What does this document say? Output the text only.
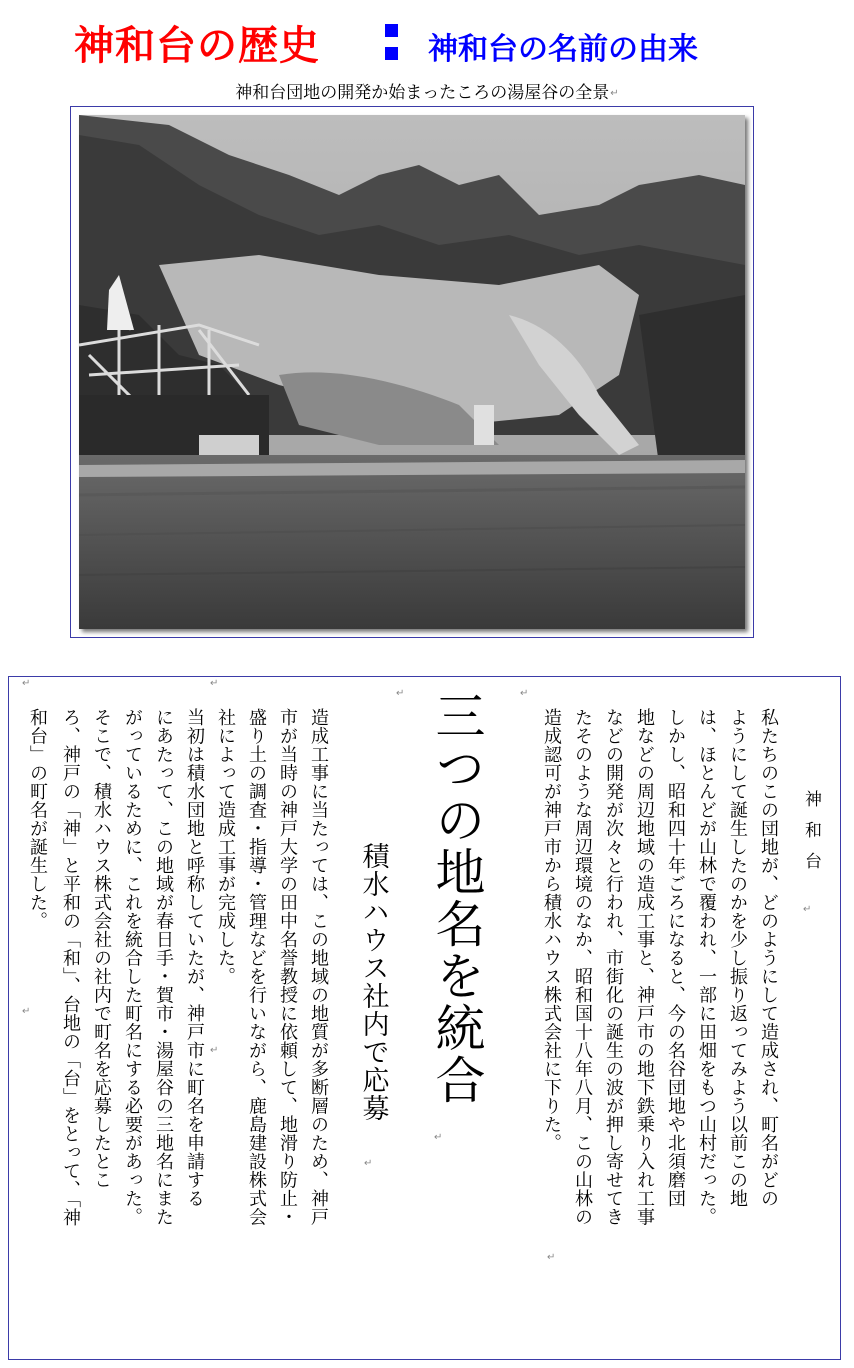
神和台の歴史	神和台の名前の由来
神和台団地の開発か始まったころの湯屋谷の全景↵
神和台
私たちのこの団地が、どのようにして造成され、町名がどの
ようにして誕生したのかを少し振り返ってみよう以前この地
は、ほとんどが山林で覆われ、一部に田畑をもつ山村だった。
しかし、昭和四十年ごろになると、今の名谷団地や北須磨団
地などの周辺地域の造成工事と、神戸市の地下鉄乗り入れ工事
などの開発が次々と行われ、市街化の誕生の波が押し寄せてき
たそのような周辺環境のなか、昭和国十八年八月、この山林の
造成認可が神戸市から積水ハウス株式会社に下りた。
三つの地名を統合
積水ハウス社内で応募
造成工事に当たっては、この地域の地質が多断層のため、神戸
市が当時の神戸大学の田中名誉教授に依頼して、地滑り防止・
盛り土の調査・指導・管理などを行いながら、鹿島建設株式会
社によって造成工事が完成した。
当初は積水団地と呼称していたが、神戸市に町名を申請する
にあたって、この地域が春日手・賀市・湯屋谷の三地名にまた
がっているために、これを統合した町名にする必要があった。
そこで、積水ハウス株式会社の社内で町名を応募したとこ
ろ、神戸の「神」と平和の「和」、台地の「台」をとって、「神
和台」の町名が誕生した。
↵
↵
↵
↵
↵
↵
↵
↵
↵
↵
